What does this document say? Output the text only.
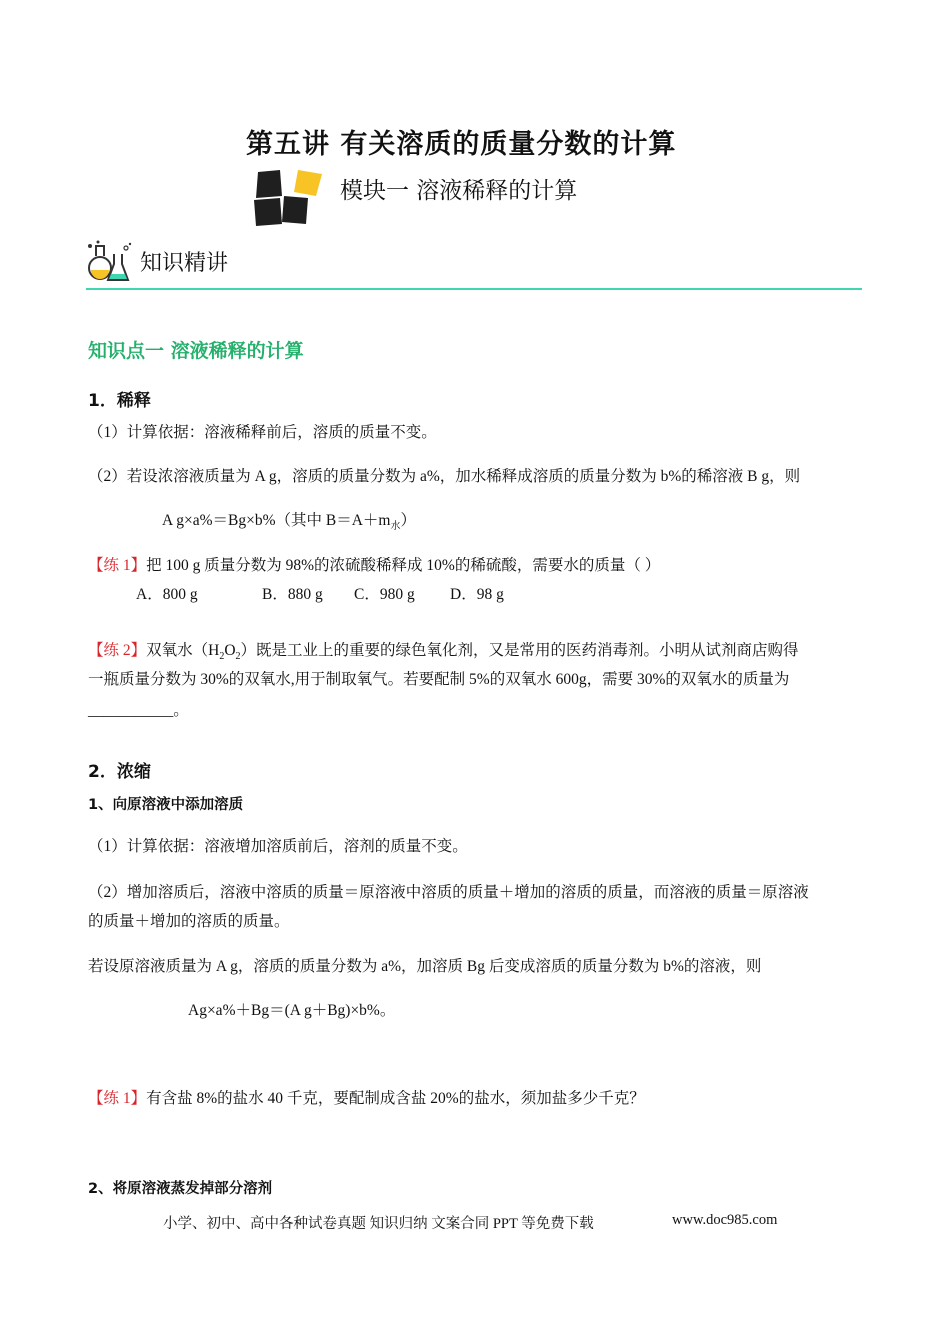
第五讲 有关溶质的质量分数的计算
模块一 溶液稀释的计算
知识精讲
知识点一 溶液稀释的计算
1．稀释
（1）计算依据：溶液稀释前后，溶质的质量不变。
（2）若设浓溶液质量为 A g，溶质的质量分数为 a%，加水稀释成溶质的质量分数为 b%的稀溶液 B g，则
A g×a%＝Bg×b%（其中 $B=A+m_水$）
【练 1】把 100 g 质量分数为 98%的浓硫酸稀释成 10%的稀硫酸，需要水的质量（ ）
A．800 g	B．880 g C．980 g D．98 g
【练 2】双氧水$(H_2O_2)$既是工业上的重要的绿色氧化剂，又是常用的医药消毒剂。小明从试剂商店购得
一瓶质量分数为 30%的双氧水,用于制取氧气。若要配制 5%的双氧水 600g，需要 30%的双氧水的质量为
___________。
2．浓缩
1、向原溶液中添加溶质
（1）计算依据：溶液增加溶质前后，溶剂的质量不变。
（2）增加溶质后，溶液中溶质的质量＝原溶液中溶质的质量＋增加的溶质的质量，而溶液的质量＝原溶液
的质量＋增加的溶质的质量。
若设原溶液质量为 A g，溶质的质量分数为 a%，加溶质 Bg 后变成溶质的质量分数为 b%的溶液，则
Ag×a%＋Bg＝(A g＋Bg)×b%。
【练 1】有含盐 8%的盐水 40 千克，要配制成含盐 20%的盐水，须加盐多少千克？
2、将原溶液蒸发掉部分溶剂
小学、初中、高中各种试卷真题 知识归纳 文案合同 PPT 等免费下载	www.doc985.com
